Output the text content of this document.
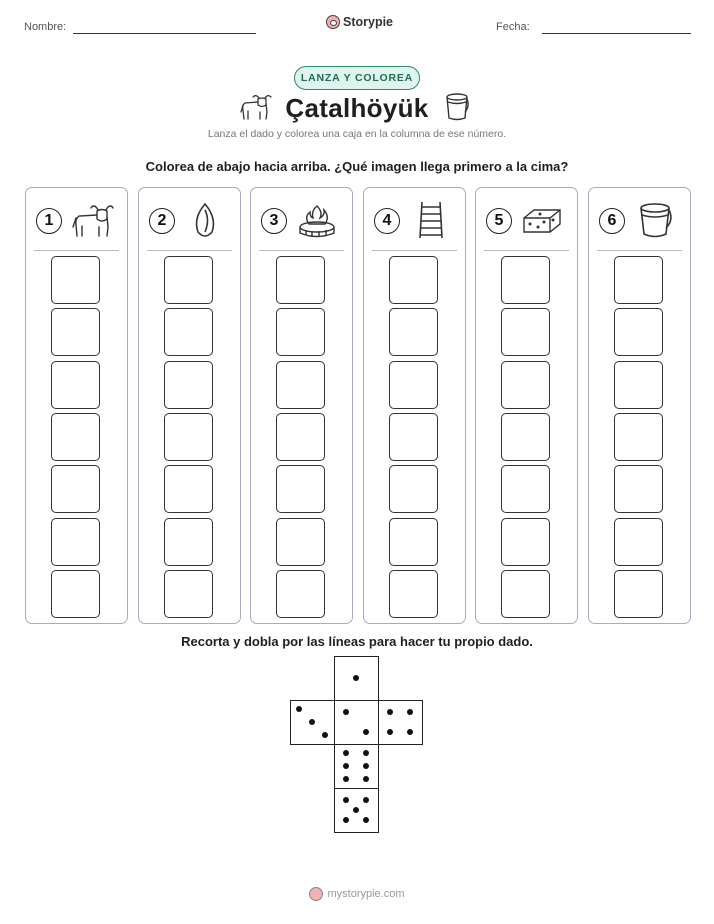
Nombre:	Storypie	Fecha:
LANZA Y COLOREA
Çatalhöyük
Lanza el dado y colorea una caja en la columna de ese número.
Colorea de abajo hacia arriba. ¿Qué imagen llega primero a la cima?
1	2	3	4	5	6
Recorta y dobla por las líneas para hacer tu propio dado.
mystorypie.com
